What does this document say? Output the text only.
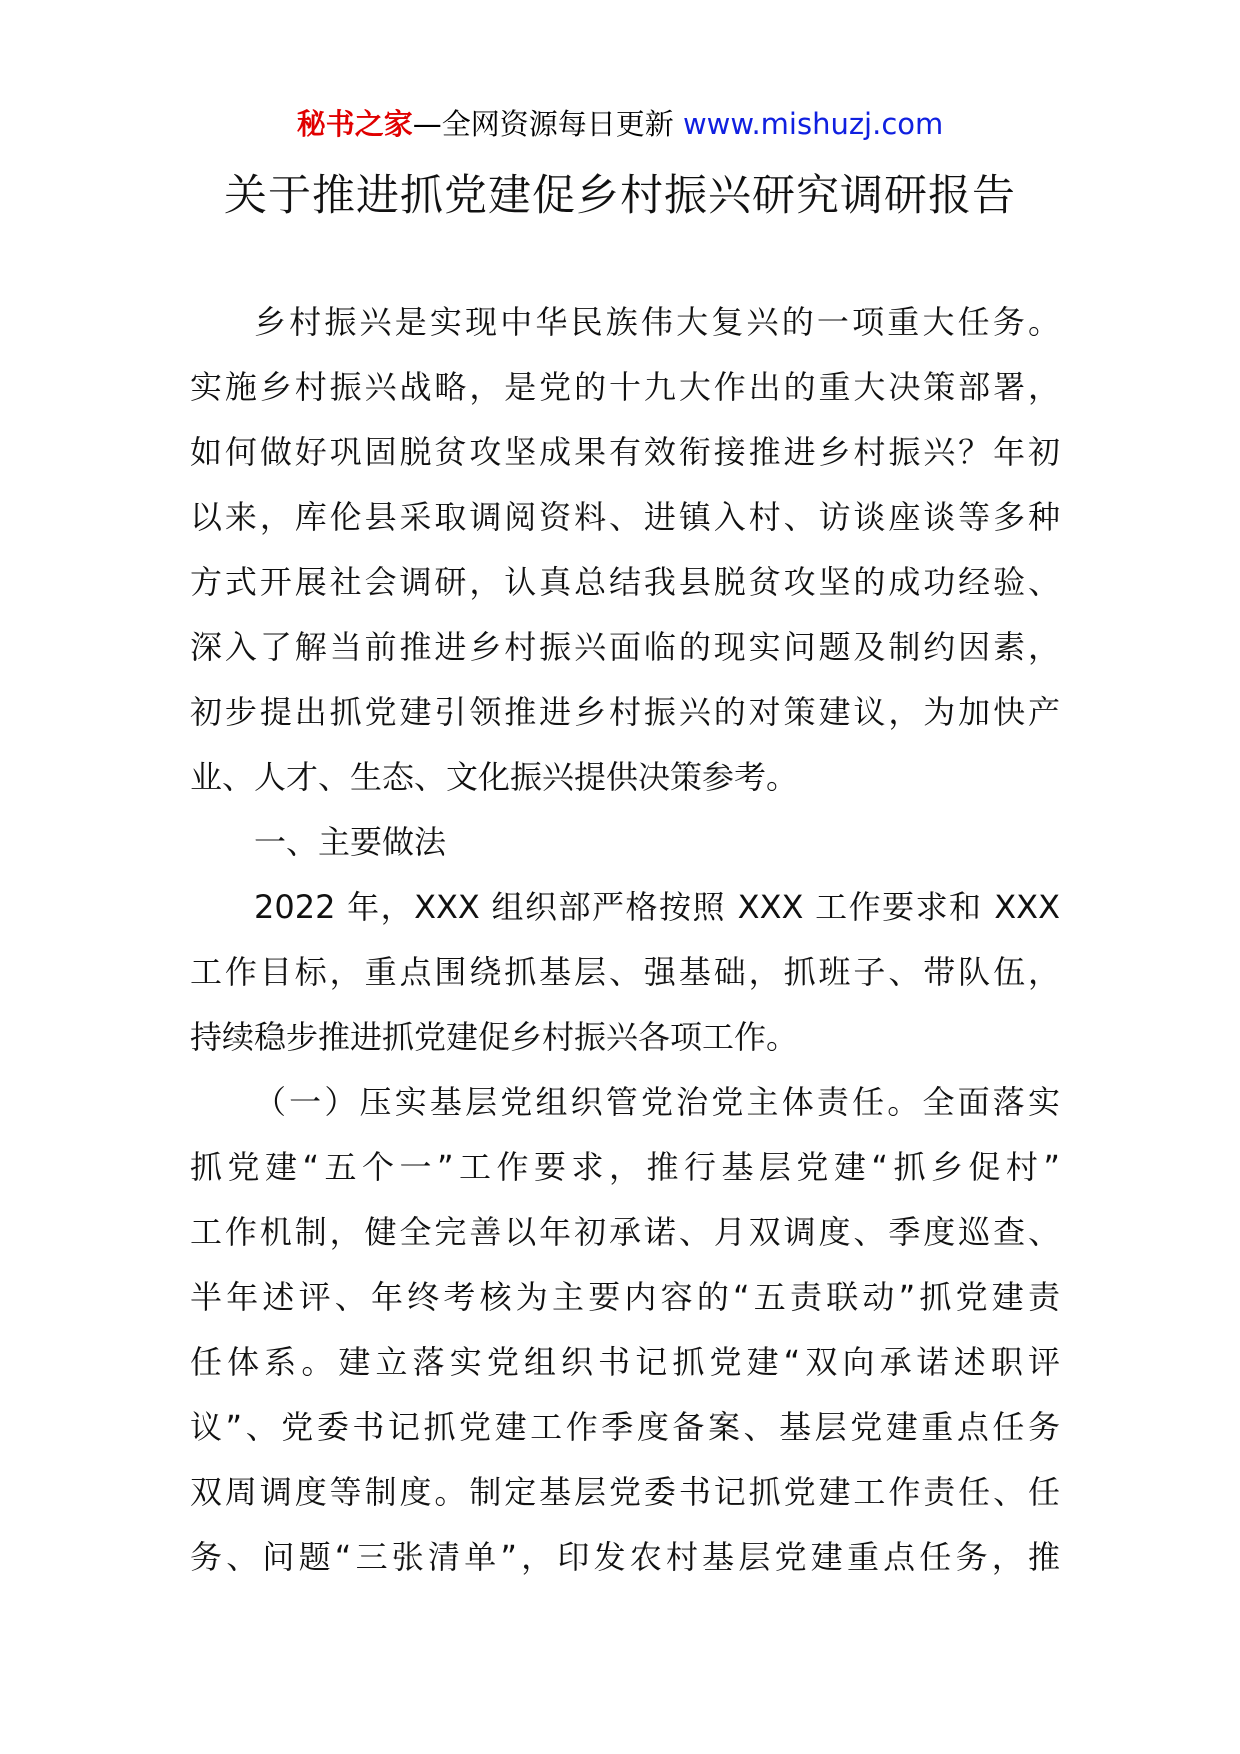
秘书之家—全网资源每日更新 www.mishuzj.com
关于推进抓党建促乡村振兴研究调研报告
乡村振兴是实现中华民族伟大复兴的一项重大任务。
实施乡村振兴战略，是党的十九大作出的重大决策部署，
如何做好巩固脱贫攻坚成果有效衔接推进乡村振兴？年初
以来，库伦县采取调阅资料、进镇入村、访谈座谈等多种
方式开展社会调研，认真总结我县脱贫攻坚的成功经验、
深入了解当前推进乡村振兴面临的现实问题及制约因素，
初步提出抓党建引领推进乡村振兴的对策建议，为加快产
业、人才、生态、文化振兴提供决策参考。
一、主要做法
2022 年，XXX 组织部严格按照 XXX 工作要求和 XXX
工作目标，重点围绕抓基层、强基础，抓班子、带队伍，
持续稳步推进抓党建促乡村振兴各项工作。
（一）压实基层党组织管党治党主体责任。全面落实
抓党建“五个一”工作要求，推行基层党建“抓乡促村”
工作机制，健全完善以年初承诺、月双调度、季度巡查、
半年述评、年终考核为主要内容的“五责联动”抓党建责
任体系。建立落实党组织书记抓党建“双向承诺述职评
议”、党委书记抓党建工作季度备案、基层党建重点任务
双周调度等制度。制定基层党委书记抓党建工作责任、任
务、问题“三张清单”，印发农村基层党建重点任务，推
